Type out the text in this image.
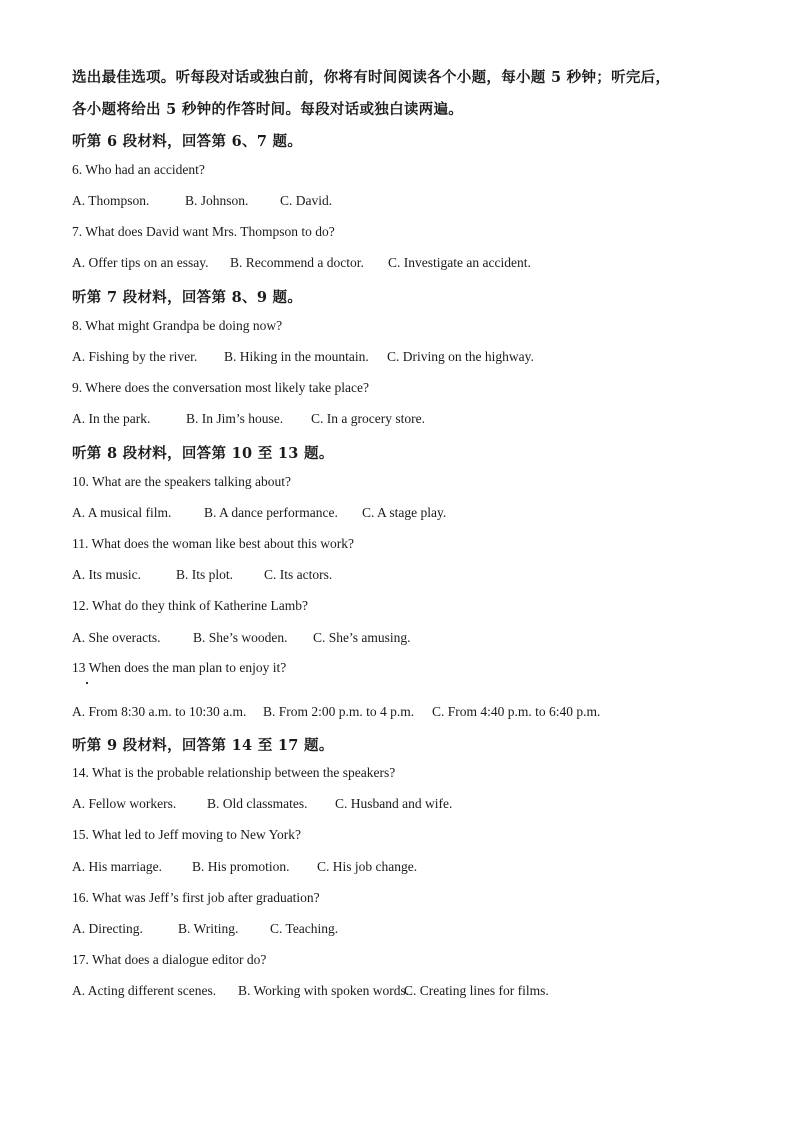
选出最佳选项。听每段对话或独白前，你将有时间阅读各个小题，每小题 5 秒钟；听完后，
各小题将给出 5 秒钟的作答时间。每段对话或独白读两遍。
听第 6 段材料，回答第 6、7 题。
6. Who had an accident?
A. Thompson.	B. Johnson. C. David.
7. What does David want Mrs. Thompson to do?
A. Offer tips on an essay. B. Recommend a doctor. C. Investigate an accident.
听第 7 段材料，回答第 8、9 题。
8. What might Grandpa be doing now?
A. Fishing by the river. B. Hiking in the mountain. C. Driving on the highway.
9. Where does the conversation most likely take place?
A. In the park.	B. In Jim’s house. C. In a grocery store.
听第 8 段材料，回答第 10 至 13 题。
10. What are the speakers talking about?
A. A musical film. B. A dance performance. C. A stage play.
11. What does the woman like best about this work?
A. Its music.	B. Its plot. C. Its actors.
12. What do they think of Katherine Lamb?
A. She overacts. B. She’s wooden. C. She’s amusing.
13 When does the man plan to enjoy it?
A. From 8:30 a.m. to 10:30 a.m. B. From 2:00 p.m. to 4 p.m. C. From 4:40 p.m. to 6:40 p.m.
听第 9 段材料，回答第 14 至 17 题。
14. What is the probable relationship between the speakers?
A. Fellow workers. B. Old classmates. C. Husband and wife.
15. What led to Jeff moving to New York?
A. His marriage. B. His promotion. C. His job change.
16. What was Jeff’s first job after graduation?
A. Directing.	B. Writing. C. Teaching.
17. What does a dialogue editor do?
A. Acting different scenes. B. Working with spoken words.C. Creating lines for films.
